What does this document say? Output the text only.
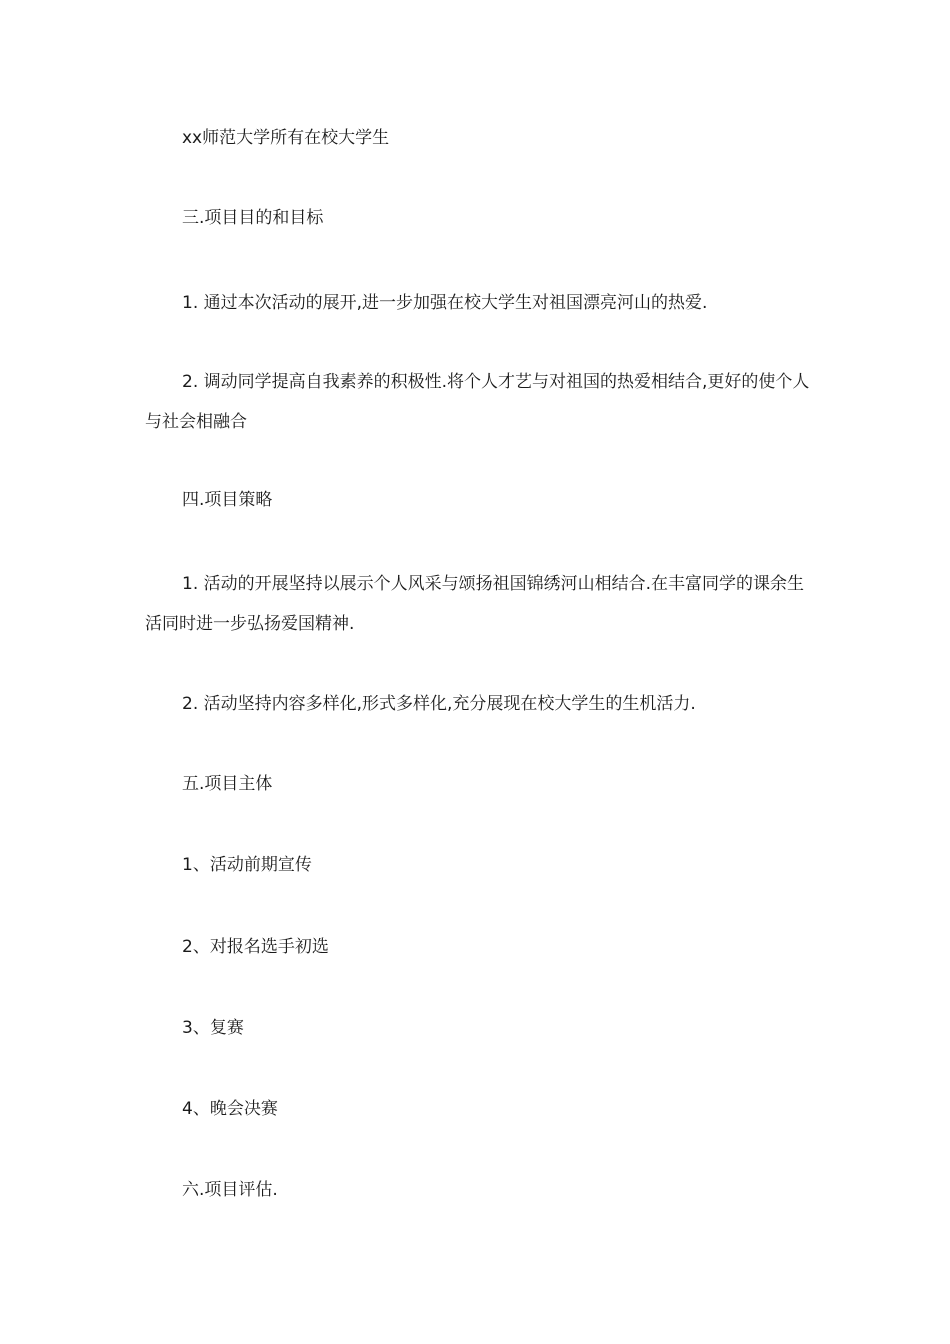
xx师范大学所有在校大学生

三.项目目的和目标

1. 通过本次活动的展开,进一步加强在校大学生对祖国漂亮河山的热爱.

2. 调动同学提高自我素养的积极性.将个人才艺与对祖国的热爱相结合,更好的使个人与社会相融合

四.项目策略

1. 活动的开展坚持以展示个人风采与颂扬祖国锦绣河山相结合.在丰富同学的课余生活同时进一步弘扬爱国精神.

2. 活动坚持内容多样化,形式多样化,充分展现在校大学生的生机活力.

五.项目主体

1、活动前期宣传

2、对报名选手初选

3、复赛

4、晚会决赛

六.项目评估.
